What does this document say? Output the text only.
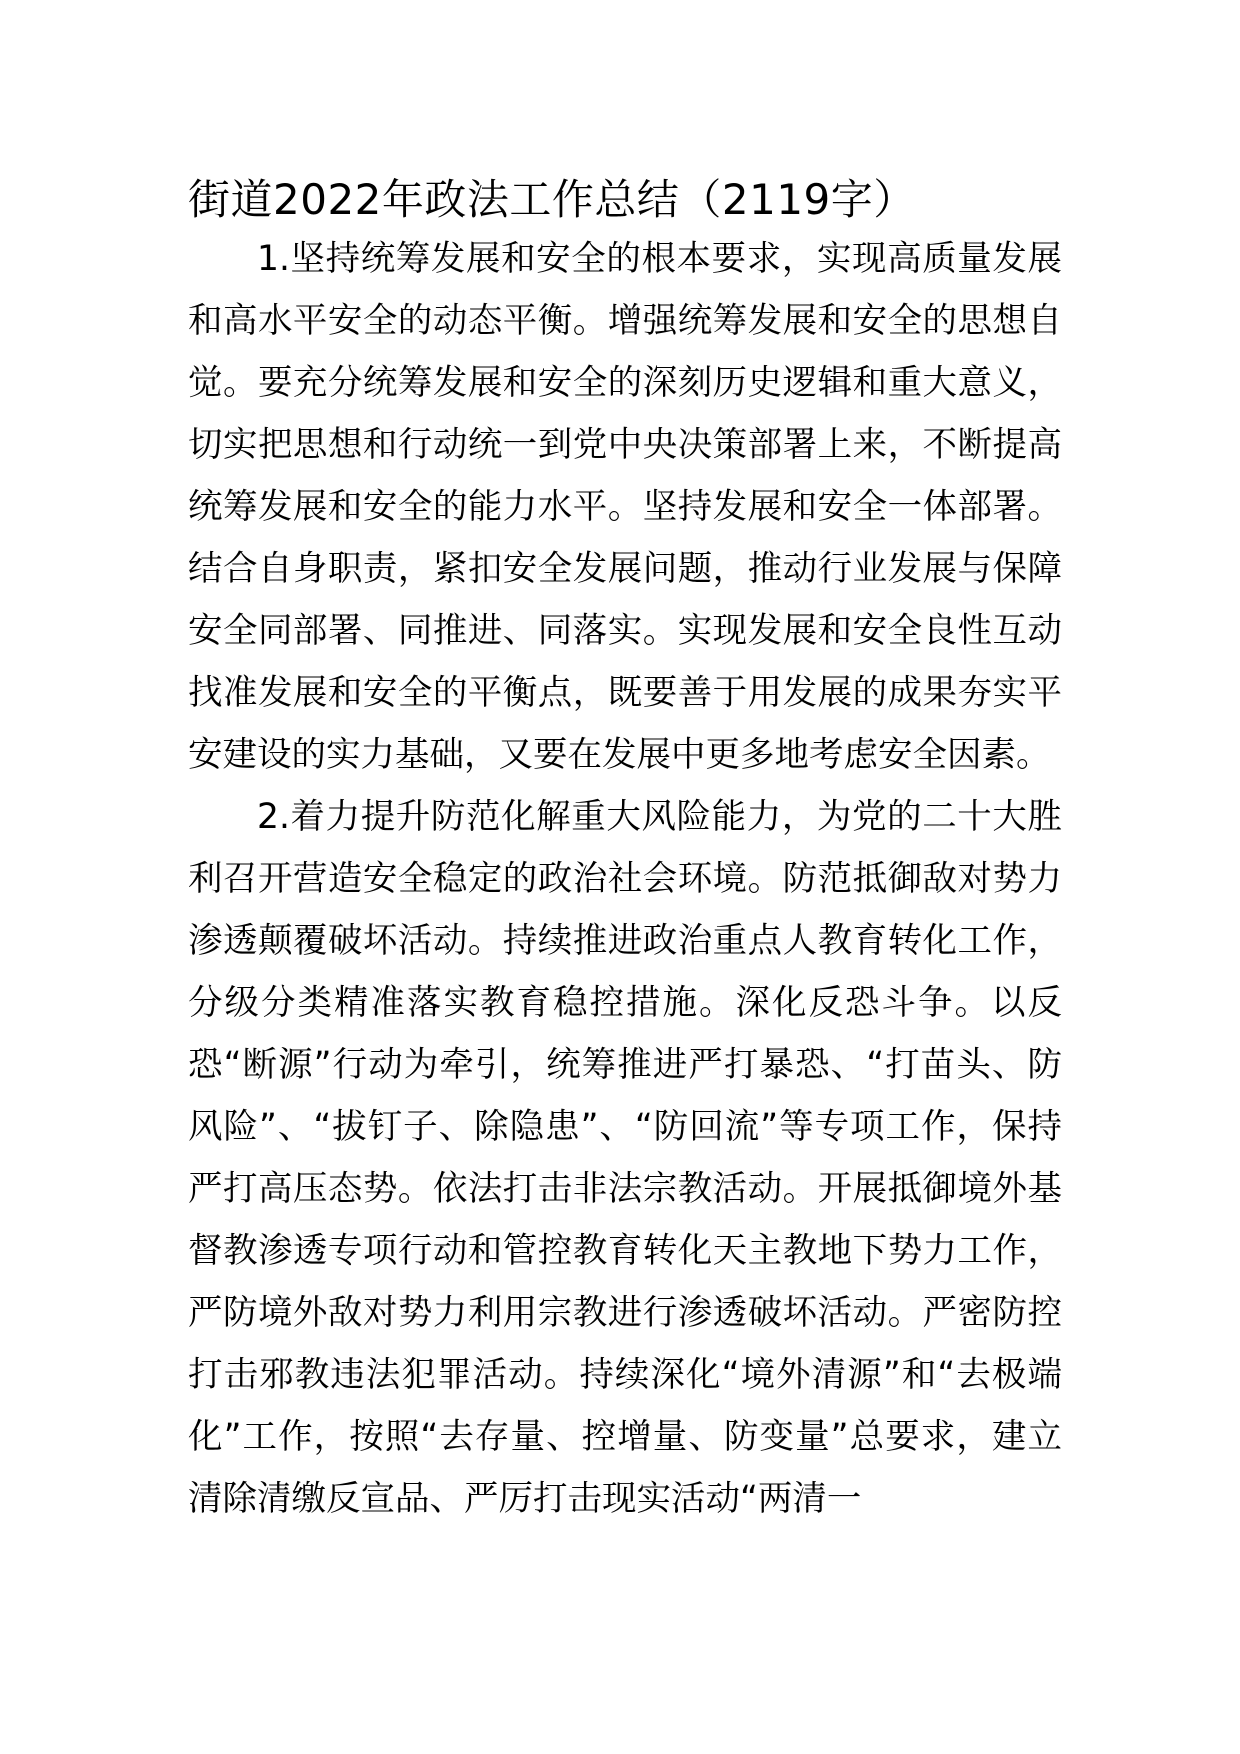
街道2022年政法工作总结（2119字）

1.坚持统筹发展和安全的根本要求，实现高质量发展和高水平安全的动态平衡。增强统筹发展和安全的思想自觉。要充分统筹发展和安全的深刻历史逻辑和重大意义，切实把思想和行动统一到党中央决策部署上来，不断提高统筹发展和安全的能力水平。坚持发展和安全一体部署。结合自身职责，紧扣安全发展问题，推动行业发展与保障安全同部署、同推进、同落实。实现发展和安全良性互动找准发展和安全的平衡点，既要善于用发展的成果夯实平安建设的实力基础，又要在发展中更多地考虑安全因素。

2.着力提升防范化解重大风险能力，为党的二十大胜利召开营造安全稳定的政治社会环境。防范抵御敌对势力渗透颠覆破坏活动。持续推进政治重点人教育转化工作，分级分类精准落实教育稳控措施。深化反恐斗争。以反恐“断源”行动为牵引，统筹推进严打暴恐、“打苗头、防风险”、“拔钉子、除隐患”、“防回流”等专项工作，保持严打高压态势。依法打击非法宗教活动。开展抵御境外基督教渗透专项行动和管控教育转化天主教地下势力工作，严防境外敌对势力利用宗教进行渗透破坏活动。严密防控打击邪教违法犯罪活动。持续深化“境外清源”和“去极端化”工作，按照“去存量、控增量、防变量”总要求，建立清除清缴反宣品、严厉打击现实活动“两清一
